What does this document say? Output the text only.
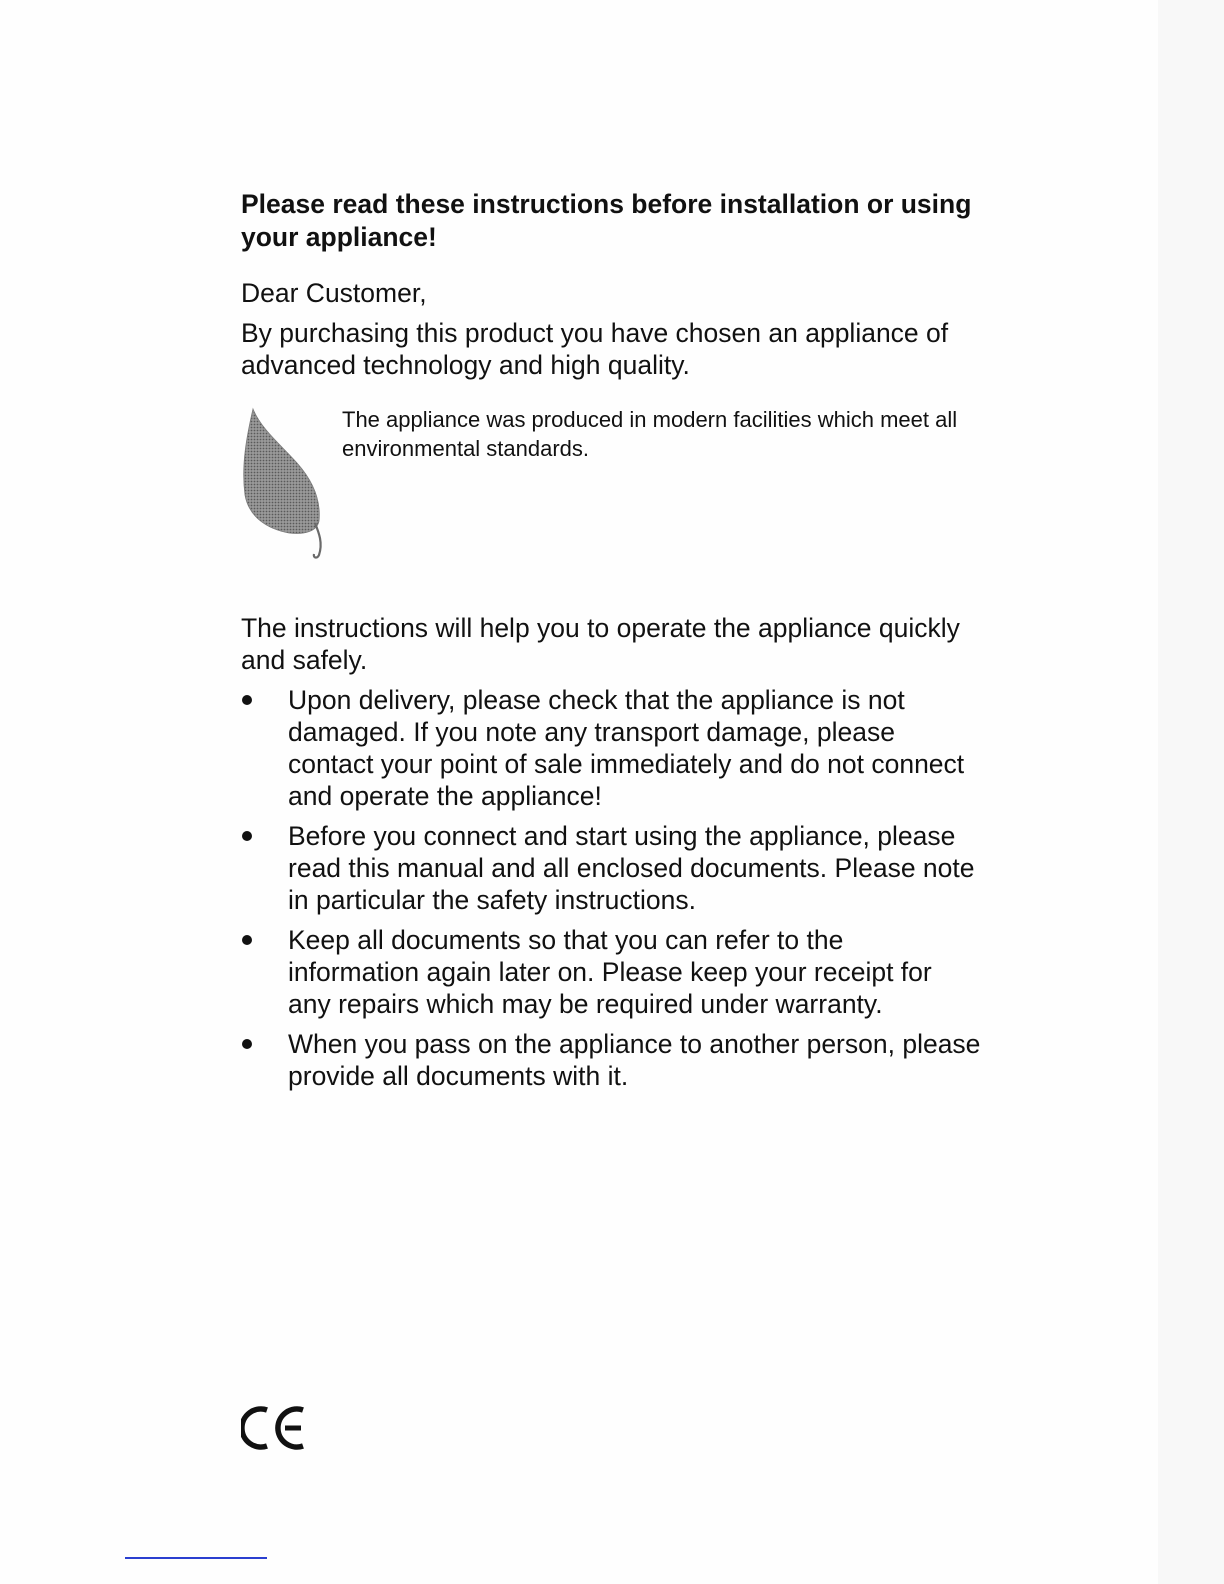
Please read these instructions before installation or using your appliance!

Dear Customer,

By purchasing this product you have chosen an appliance of advanced technology and high quality.

The appliance was produced in modern facilities which meet all environmental standards.

The instructions will help you to operate the appliance quickly and safely.

Upon delivery, please check that the appliance is not damaged. If you note any transport damage, please contact your point of sale immediately and do not connect and operate the appliance!
Before you connect and start using the appliance, please read this manual and all enclosed documents. Please note in particular the safety instructions.
Keep all documents so that you can refer to the information again later on. Please keep your receipt for any repairs which may be required under warranty.
When you pass on the appliance to another person, please provide all documents with it.
